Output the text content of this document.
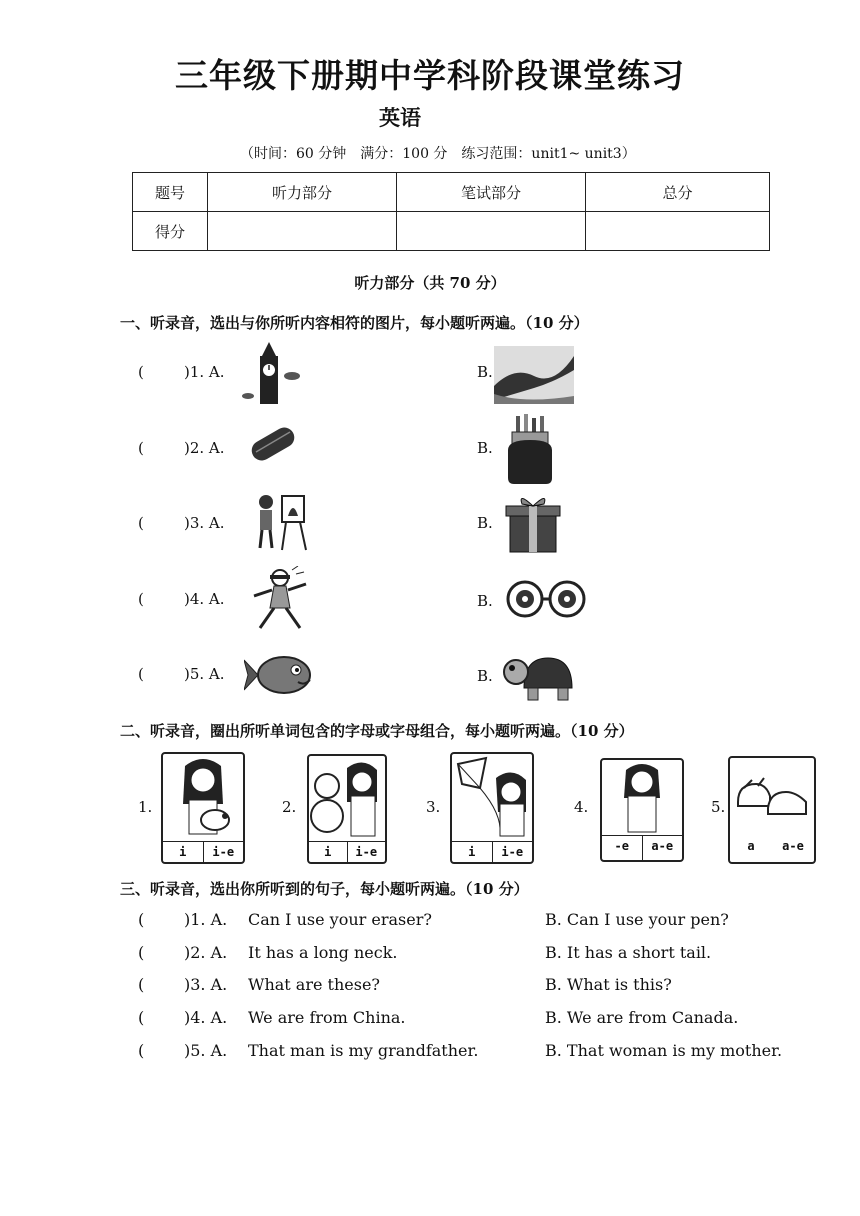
三年级下册期中学科阶段课堂练习
英语
（时间：60 分钟　满分：100 分　练习范围：unit1~ unit3）
题号	听力部分	笔试部分	总分
得分			
听力部分（共 70 分）
一、听录音，选出与你所听内容相符的图片，每小题听两遍。（10 分）
(	)1. A.	B.
(	)2. A.	B.
(	)3. A.	B.
(	)4. A.	B.
(	)5. A.	B.
二、听录音，圈出所听单词包含的字母或字母组合，每小题听两遍。（10 分）
1.
i	i-e
2.
i	i-e
3.
i	i-e
4.
-e	a-e
5.
a	a-e
三、听录音，选出你所听到的句子，每小题听两遍。（10 分）
( )1. A. Can I use your eraser?	B. Can I use your pen?
( )2. A. It has a long neck.	B. It has a short tail.
( )3. A. What are these?	B. What is this?
( )4. A. We are from China.	B. We are from Canada.
( )5. A. That man is my grandfather.	B. That woman is my mother.
